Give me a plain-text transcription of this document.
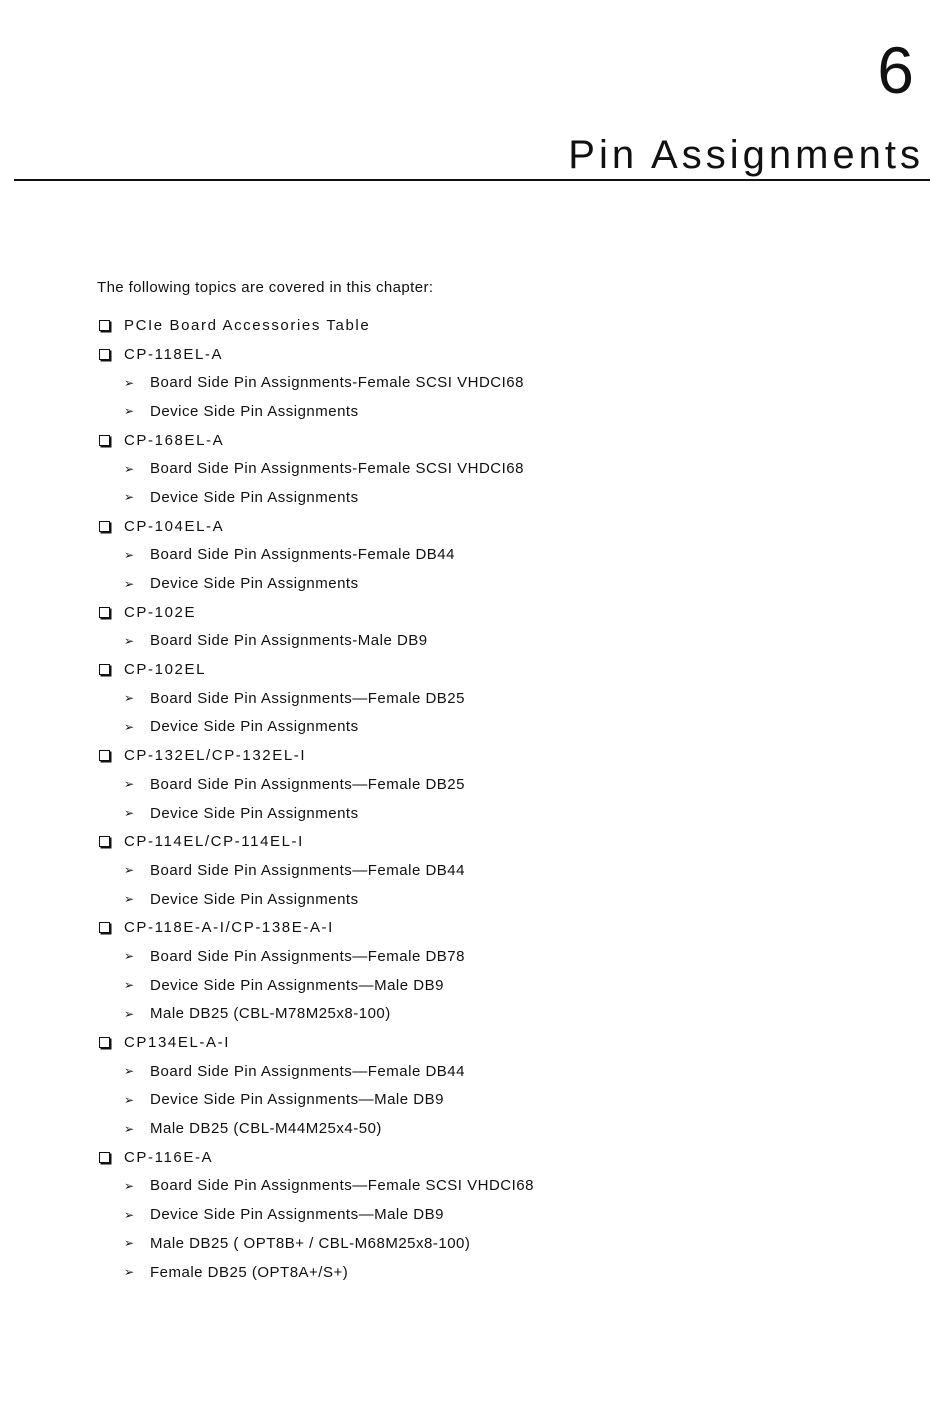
6
Pin Assignments
The following topics are covered in this chapter:
PCIe Board Accessories Table
CP-118EL-A
➢ Board Side Pin Assignments-Female SCSI VHDCI68
➢ Device Side Pin Assignments
CP-168EL-A
➢ Board Side Pin Assignments-Female SCSI VHDCI68
➢ Device Side Pin Assignments
CP-104EL-A
➢ Board Side Pin Assignments-Female DB44
➢ Device Side Pin Assignments
CP-102E
➢ Board Side Pin Assignments-Male DB9
CP-102EL
➢ Board Side Pin Assignments—Female DB25
➢ Device Side Pin Assignments
CP-132EL/CP-132EL-I
➢ Board Side Pin Assignments—Female DB25
➢ Device Side Pin Assignments
CP-114EL/CP-114EL-I
➢ Board Side Pin Assignments—Female DB44
➢ Device Side Pin Assignments
CP-118E-A-I/CP-138E-A-I
➢ Board Side Pin Assignments—Female DB78
➢ Device Side Pin Assignments—Male DB9
➢ Male DB25 (CBL-M78M25x8-100)
CP134EL-A-I
➢ Board Side Pin Assignments—Female DB44
➢ Device Side Pin Assignments—Male DB9
➢ Male DB25 (CBL-M44M25x4-50)
CP-116E-A
➢ Board Side Pin Assignments—Female SCSI VHDCI68
➢ Device Side Pin Assignments—Male DB9
➢ Male DB25 ( OPT8B+ / CBL-M68M25x8-100)
➢ Female DB25 (OPT8A+/S+)
